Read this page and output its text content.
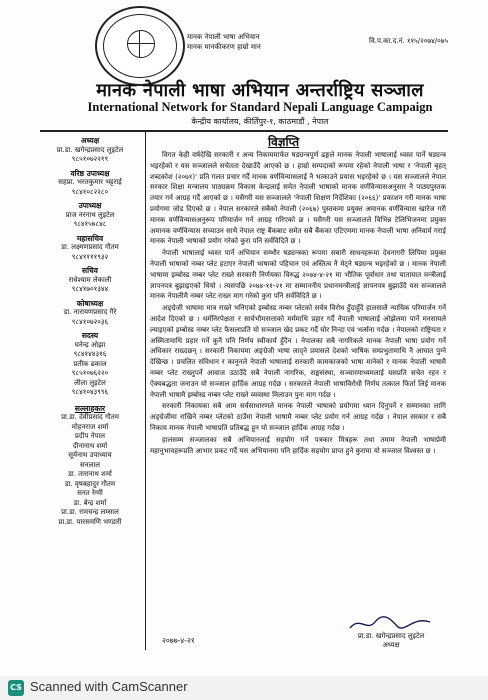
मानक नेपाली भाषा अभियान
मानक मानकीकरण हाम्रो मान
वि.प.का.द.नं. ११५/२०७४/०७५
मानक नेपाली भाषा अभियान अन्तर्राष्ट्रिय सञ्जाल
International Network for Standard Nepali Language Campaign
केन्द्रीय कार्यालय, कीर्तिपुर-१, काठमाडौं , नेपाल
अध्यक्ष
प्रा.डा. खगेन्द्रप्रसाद लुइटेल
९८५१०७२२१९
वरिष्ठ उपाध्यक्ष
सहप्रा. भरतकुमार भट्टराई
९८४१०८२२८०
उपाध्यक्ष
प्राज नरनाथ लुइटेल
९८४१५७८४८
महासचिव
डा. लक्ष्मणप्रसाद गौतम
९८४११११९३२
सचिव
राधेश्याम लेकाली
९८४१७०१३४४
कोषाध्यक्ष
डा. नारायणप्रसाद गैरे
९८४१०७२०३६
सदस्य
घनेन्द्र ओझा
९८४१४४३१६
प्रतीक ढकाल
९८५१०७६२२०
लीला लुइटेल
९८४१०४३९९६
सल्लाहकार
प्रा.डा. देवीप्रसाद गौतम
मोहनराज शर्मा
प्रदीप नेपाल
दीनानाथ शर्मा
सूर्यनाथ उपाध्याय
सनलाल
डा. तारानाथ शर्मा
डा. वृषबहादुर गौतम
सनत रेग्मी
डा. बेन्द्र शर्मा
प्रा.डा. रामचन्द्र लम्साल
प्रा.डा. पारसमणि भण्डारी
विज्ञप्ति

विगत केही वर्षदेखि सरकारी र अन्य निकायमार्फत षड्यन्त्रपूर्ण ढङ्गले मानक नेपाली भाषालाई ध्वस्त पार्ने षड्यन्त्र भइरहेको र यस सञ्जालले सचेतता देखाउँदै आएको छ । हाम्रो सम्पदाको रूपमा रहेको नेपाली भाषा र 'नेपाली बृहत् शब्दकोश (२०७१)' प्रति गलत प्रचार गर्दै मानक वर्णविन्यासलाई नै भत्काउने प्रयास भइरहेको छ । यस सञ्जालले नेपाल सरकार शिक्षा मन्त्रालय पाठ्यक्रम विकास केन्द्रलाई समेत नेपाली भाषाको मानक वर्णविन्यासअनुसार नै पाठ्यपुस्तक तयार गर्न आग्रह गर्दै आएको छ । यसैगरी यस सञ्जालले 'नेपाली शिक्षण निर्देशिका (२०६६)' प्रकाशन गरी मानक भाषा प्रयोगमा जोड दिएको छ । नेपाल सरकारले सबैको नेपाली (२०६७) पुस्तकमा प्रयुक्त अमानक वर्णविन्यास खारेज गरी मानक वर्णविन्यासअनुरूप परिमार्जन गर्न आग्रह गरिएको छ । यसैगरी यस सञ्जालले विभिन्न टेलिभिजनमा प्रयुक्त अमानक वर्णविन्यास सच्याउन साथै नेपाल राष्ट्र बैंकबाट समेत सबै बैंकका एटिएममा मानक नेपाली भाषा अनिवार्य गराई मानक नेपाली भाषाको प्रयोग गरेको कुरा पनि सर्वविदितै छ ।

नेपाली भाषालाई ध्वस्त पार्ने अभियान सम्भौर षड्यन्त्रका रूपमा सबारी साधनहरूमा देवनागरी लिपिमा प्रयुक्त नेपाली भाषाको नम्बर प्लेट हटाएर नेपाली भाषाको पहिचान एवं अस्तित्व नै मेट्ने षड्यन्त्र भइरहेको छ । मानक नेपाली भाषामा इम्बोस्ड नम्बर प्लेट राख्ने सरकारी निर्णयका विरुद्ध २०७४-४-२१ मा भौतिक पूर्वाधार तथा यातायात मन्त्रीलाई ज्ञापनपत्र बुझाइएको थियो । त्यसपछि २०७४-११-२१ मा सम्माननीय प्रधानमन्त्रीलाई ज्ञापनपत्र बुझाउँदै यस सञ्जालले मानक नेपालीमै नम्बर प्लेट राख्न माग गरेको कुरा पनि सर्वविदितै छ ।

अङ्ग्रेजी भाषामा मात्र राख्ने भनिएको इम्बोस्ड नम्बर प्लेटको सर्वत्र विरोध हुँदाहुँदै हालसालै न्यायिक परिमार्जन गर्ने आदेश दिएको छ । धर्मनिरपेक्षता र सार्वभौमसत्ताको मर्ममाथि प्रहार गर्दै नेपाली भाषालाई ओझेलमा पार्ने मनसायले ल्याइएको इम्बोस्ड नम्बर प्लेट फैसलाप्रति यो सञ्जाल खेद प्रकट गर्दै घोर निन्दा एवं भर्त्सना गर्दछ । नेपालको राष्ट्रियता र अस्मितामाथि प्रहार गर्ने कुनै पनि निर्णय स्वीकार्य हुँदैन । नेपालका सबै नागरिकले मानक नेपाली भाषा प्रयोग गर्ने अधिकार राख्दछन् । सरकारी निकायमा अङ्ग्रेजी भाषा लाद्ने प्रयासले देशको भाषिक सम्प्रभुतामाथि नै आघात पुग्ने देखिन्छ । प्रचलित संविधान र कानुनले नेपाली भाषालाई सरकारी कामकाजको भाषा मानेको र मानक नेपाली भाषामै नम्बर प्लेट राख्नुपर्ने आवाज उठाउँदै सबै नेपाली नागरिक, सङ्घसंस्था, सञ्चारमाध्यमलाई यसप्रति सचेत रहन र ऐक्यबद्धता जनाउन यो सञ्जाल हार्दिक आग्रह गर्दछ । सरकारले नेपाली भाषाविरोधी निर्णय तत्काल फिर्ता लिई मानक नेपाली भाषामै इम्बोस्ड नम्बर प्लेट राख्ने व्यवस्था मिलाउन पुनः माग गर्दछ ।

सरकारी निकायका सबै आम सर्वसाधारणले मानक नेपाली भाषाको प्रयोगमा ध्यान दिनुपर्ने र सम्मानका लागि अङ्ग्रेजीमा राखिने नम्बर प्लेटको ठाउँमा नेपाली भाषामै नम्बर प्लेट प्रयोग गर्न आग्रह गर्दछ । नेपाल सरकार र सबै निकाय मानक नेपाली भाषाप्रति प्रतिबद्ध हुन यो सञ्जाल हार्दिक आग्रह गर्दछ ।

हालसम्म सञ्जालका सबै अभियानलाई सहयोग गर्ने पत्रकार मित्रहरू तथा तमाम नेपाली भाषाप्रेमी महानुभावहरूप्रति आभार प्रकट गर्दै यस अभियानमा पनि हार्दिक सहयोग प्राप्त हुने कुरामा यो सञ्जाल विश्वस्त छ ।

२०७७-४-२१	प्रा.डा. खगेन्द्रप्रसाद लुइटेल
अध्यक्ष
CS Scanned with CamScanner
